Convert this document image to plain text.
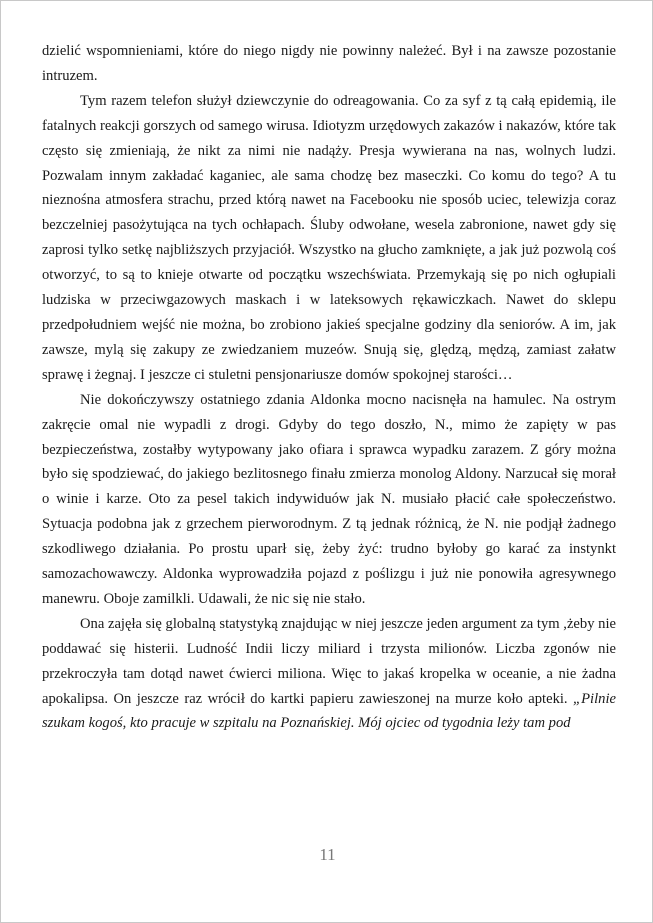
dzielić wspomnieniami, które do niego nigdy nie powinny należeć. Był i na zawsze pozostanie intruzem.

Tym razem telefon służył dziewczynie do odreagowania. Co za syf z tą całą epidemią, ile fatalnych reakcji gorszych od samego wirusa. Idiotyzm urzędowych zakazów i nakazów, które tak często się zmieniają, że nikt za nimi nie nadąży. Presja wywierana na nas, wolnych ludzi. Pozwalam innym zakładać kaganiec, ale sama chodzę bez maseczki. Co komu do tego? A tu nieznośna atmosfera strachu, przed którą nawet na Facebooku nie sposób uciec, telewizja coraz bezczelniej pasożytująca na tych ochłapach. Śluby odwołane, wesela zabronione, nawet gdy się zaprosi tylko setkę najbliższych przyjaciół. Wszystko na głucho zamknięte, a jak już pozwolą coś otworzyć, to są to knieje otwarte od początku wszechświata. Przemykają się po nich ogłupiali ludziska w przeciwgazowych maskach i w lateksowych rękawiczkach. Nawet do sklepu przedpołudniem wejść nie można, bo zrobiono jakieś specjalne godziny dla seniorów. A im, jak zawsze, mylą się zakupy ze zwiedzaniem muzeów. Snują się, ględzą, mędzą, zamiast załatw sprawę i żegnaj. I jeszcze ci stuletni pensjonariusze domów spokojnej starości…

Nie dokończywszy ostatniego zdania Aldonka mocno nacisnęła na hamulec. Na ostrym zakręcie omal nie wypadli z drogi. Gdyby do tego doszło, N., mimo że zapięty w pas bezpieczeństwa, zostałby wytypowany jako ofiara i sprawca wypadku zarazem. Z góry można było się spodziewać, do jakiego bezlitosnego finału zmierza monolog Aldony. Narzucał się morał o winie i karze. Oto za pesel takich indywiduów jak N. musiało płacić całe społeczeństwo. Sytuacja podobna jak z grzechem pierworodnym. Z tą jednak różnicą, że N. nie podjął żadnego szkodliwego działania. Po prostu uparł się, żeby żyć: trudno byłoby go karać za instynkt samozachowawczy. Aldonka wyprowadziła pojazd z poślizgu i już nie ponowiła agresywnego manewru. Oboje zamilkli. Udawali, że nic się nie stało.

Ona zajęła się globalną statystyką znajdując w niej jeszcze jeden argument za tym ,żeby nie poddawać się histerii. Ludność Indii liczy miliard i trzysta milionów. Liczba zgonów nie przekroczyła tam dotąd nawet ćwierci miliona. Więc to jakaś kropelka w oceanie, a nie żadna apokalipsa. On jeszcze raz wrócił do kartki papieru zawieszonej na murze koło apteki. „Pilnie szukam kogoś, kto pracuje w szpitalu na Poznańskiej. Mój ojciec od tygodnia leży tam pod

11
